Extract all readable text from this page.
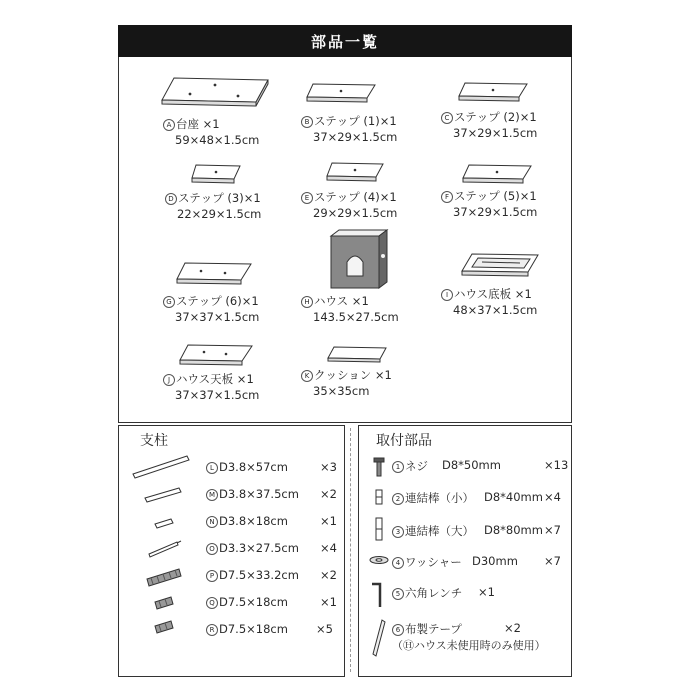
部品一覧
A 台座 ×1
59×48×1.5cm
B ステップ (1)×1
37×29×1.5cm
C ステップ (2)×1
37×29×1.5cm
D ステップ (3)×1
22×29×1.5cm
E ステップ (4)×1
29×29×1.5cm
F ステップ (5)×1
37×29×1.5cm
G ステップ (6)×1
37×37×1.5cm
H ハウス ×1
143.5×27.5cm
I ハウス底板 ×1
48×37×1.5cm
J ハウス天板 ×1
37×37×1.5cm
K クッション ×1
35×35cm
支柱
L D3.8×57cm	×3
M D3.8×37.5cm ×2
N D3.8×18cm	×1
O D3.3×27.5cm ×4
P D7.5×33.2cm ×2
Q D7.5×18cm	×1
R D7.5×18cm ×5
取付部品
1 ネジ D8*50mm	×13
2 連結棒（小） D8*40mm ×4
3 連結棒（大） D8*80mm ×7
4 ワッシャー D30mm ×7
5 六角レンチ ×1
6 布製テープ	×2
（Ⓗハウス未使用時のみ使用）
